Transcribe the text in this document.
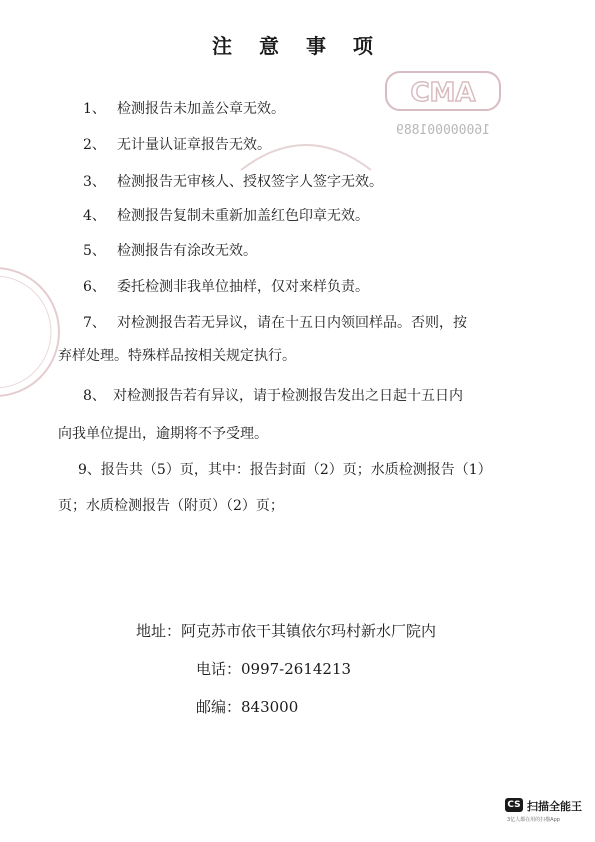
CMA
160000001889
注 意 事 项
1、 检测报告未加盖公章无效。
2、 无计量认证章报告无效。
3、 检测报告无审核人、授权签字人签字无效。
4、 检测报告复制未重新加盖红色印章无效。
5、 检测报告有涂改无效。
6、 委托检测非我单位抽样，仅对来样负责。
7、 对检测报告若无异议，请在十五日内领回样品。否则，按
弃样处理。特殊样品按相关规定执行。
8、 对检测报告若有异议，请于检测报告发出之日起十五日内
向我单位提出，逾期将不予受理。
9、报告共（5）页，其中：报告封面（2）页；水质检测报告（1）
页；水质检测报告（附页）（2）页；
地址：阿克苏市依干其镇依尔玛村新水厂院内
电话：0997-2614213
邮编：843000
CS 扫描全能王
3亿人都在用的扫描App
